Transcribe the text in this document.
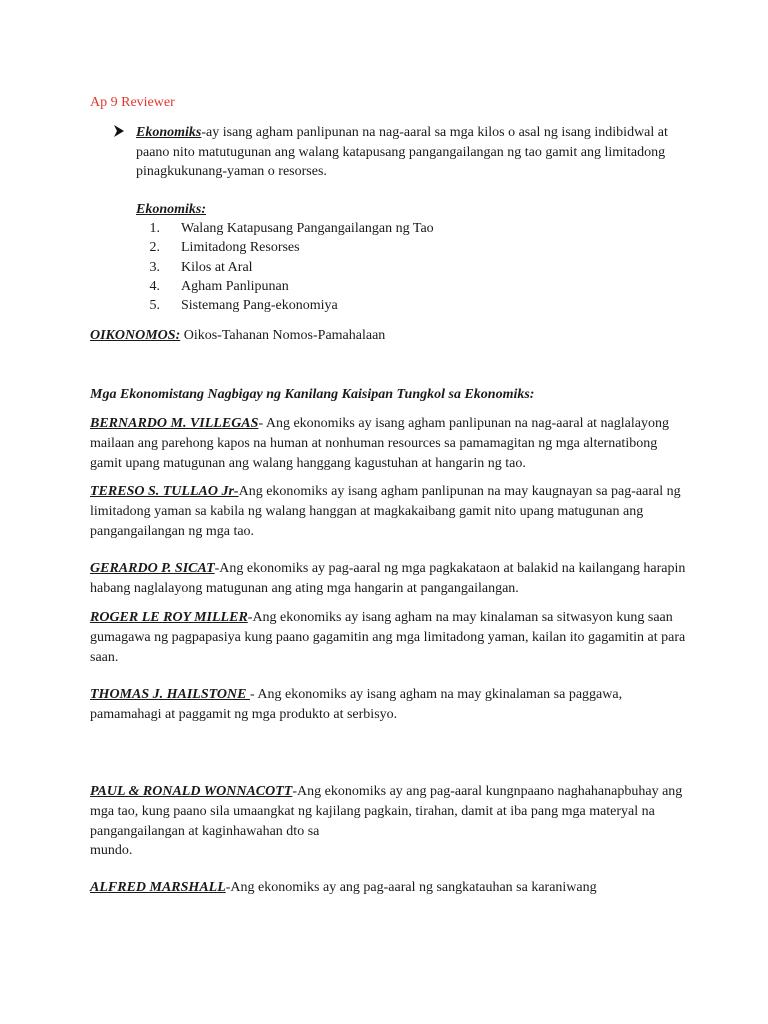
Ap 9 Reviewer
Ekonomiks-ay isang agham panlipunan na nag-aaral sa mga kilos o asal ng isang indibidwal at paano nito matutugunan ang walang katapusang pangangailangan ng tao gamit ang limitadong pinagkukunang-yaman o resorses.
Ekonomiks:
1. Walang Katapusang Pangangailangan ng Tao
2. Limitadong Resorses
3. Kilos at Aral
4. Agham Panlipunan
5. Sistemang Pang-ekonomiya
OIKONOMOS: Oikos-Tahanan Nomos-Pamahalaan
Mga Ekonomistang Nagbigay ng Kanilang Kaisipan Tungkol sa Ekonomiks:
BERNARDO M. VILLEGAS- Ang ekonomiks ay isang agham panlipunan na nag-aaral at naglalayong mailaan ang parehong kapos na human at nonhuman resources sa pamamagitan ng mga alternatibong gamit upang matugunan ang walang hanggang kagustuhan at hangarin ng tao.
TERESO S. TULLAO Jr-Ang ekonomiks ay isang agham panlipunan na may kaugnayan sa pag-aaral ng limitadong yaman sa kabila ng walang hanggan at magkakaibang gamit nito upang matugunan ang pangangailangan ng mga tao.
GERARDO P. SICAT-Ang ekonomiks ay pag-aaral ng mga pagkakataon at balakid na kailangang harapin habang naglalayong matugunan ang ating mga hangarin at pangangailangan.
ROGER LE ROY MILLER-Ang ekonomiks ay isang agham na may kinalaman sa sitwasyon kung saan gumagawa ng pagpapasiya kung paano gagamitin ang mga limitadong yaman, kailan ito gagamitin at para saan.
THOMAS J. HAILSTONE - Ang ekonomiks ay isang agham na may gkinalaman sa paggawa, pamamahagi at paggamit ng mga produkto at serbisyo.
PAUL & RONALD WONNACOTT-Ang ekonomiks ay ang pag-aaral kungnpaano naghahanapbuhay ang mga tao, kung paano sila umaangkat ng kajilang pagkain, tirahan, damit at iba pang mga materyal na pangangailangan at kaginhawahan dto sa
mundo.
ALFRED MARSHALL-Ang ekonomiks ay ang pag-aaral ng sangkatauhan sa karaniwang
